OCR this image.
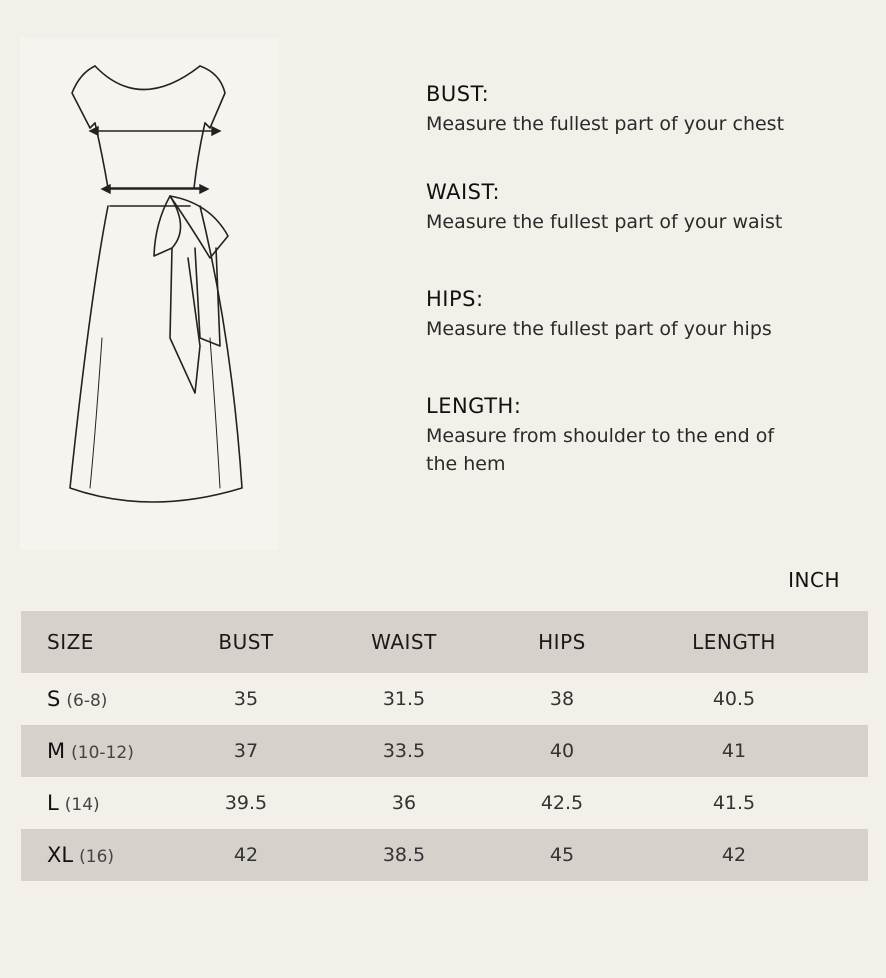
BUST:
Measure the fullest part of your chest
WAIST:
Measure the fullest part of your waist
HIPS:
Measure the fullest part of your hips
LENGTH:
Measure from shoulder to the end of
the hem
INCH
SIZE	BUST	WAIST	HIPS	LENGTH
S (6-8)	35	31.5	38	40.5
M (10-12)	37	33.5	40	41
L (14)	39.5	36	42.5	41.5
XL (16)	42	38.5	45	42
